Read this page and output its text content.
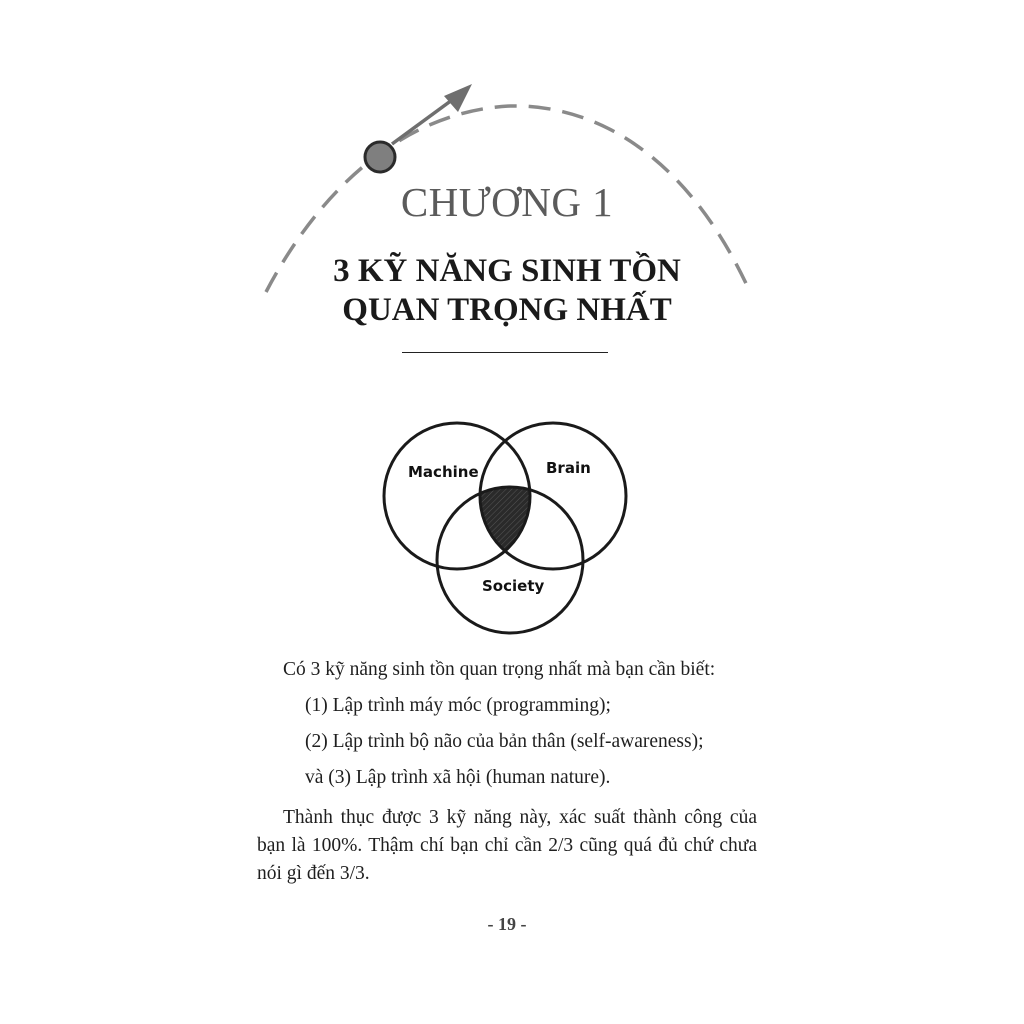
CHƯƠNG 1
3 KỸ NĂNG SINH TỒN
QUAN TRỌNG NHẤT
Machine	Brain
Society

Có 3 kỹ năng sinh tồn quan trọng nhất mà bạn cần biết:

(1) Lập trình máy móc (programming);

(2) Lập trình bộ não của bản thân (self-awareness);

và (3) Lập trình xã hội (human nature).

Thành thục được 3 kỹ năng này, xác suất thành công của bạn là 100%. Thậm chí bạn chỉ cần 2/3 cũng quá đủ chứ chưa nói gì đến 3/3.

- 19 -
